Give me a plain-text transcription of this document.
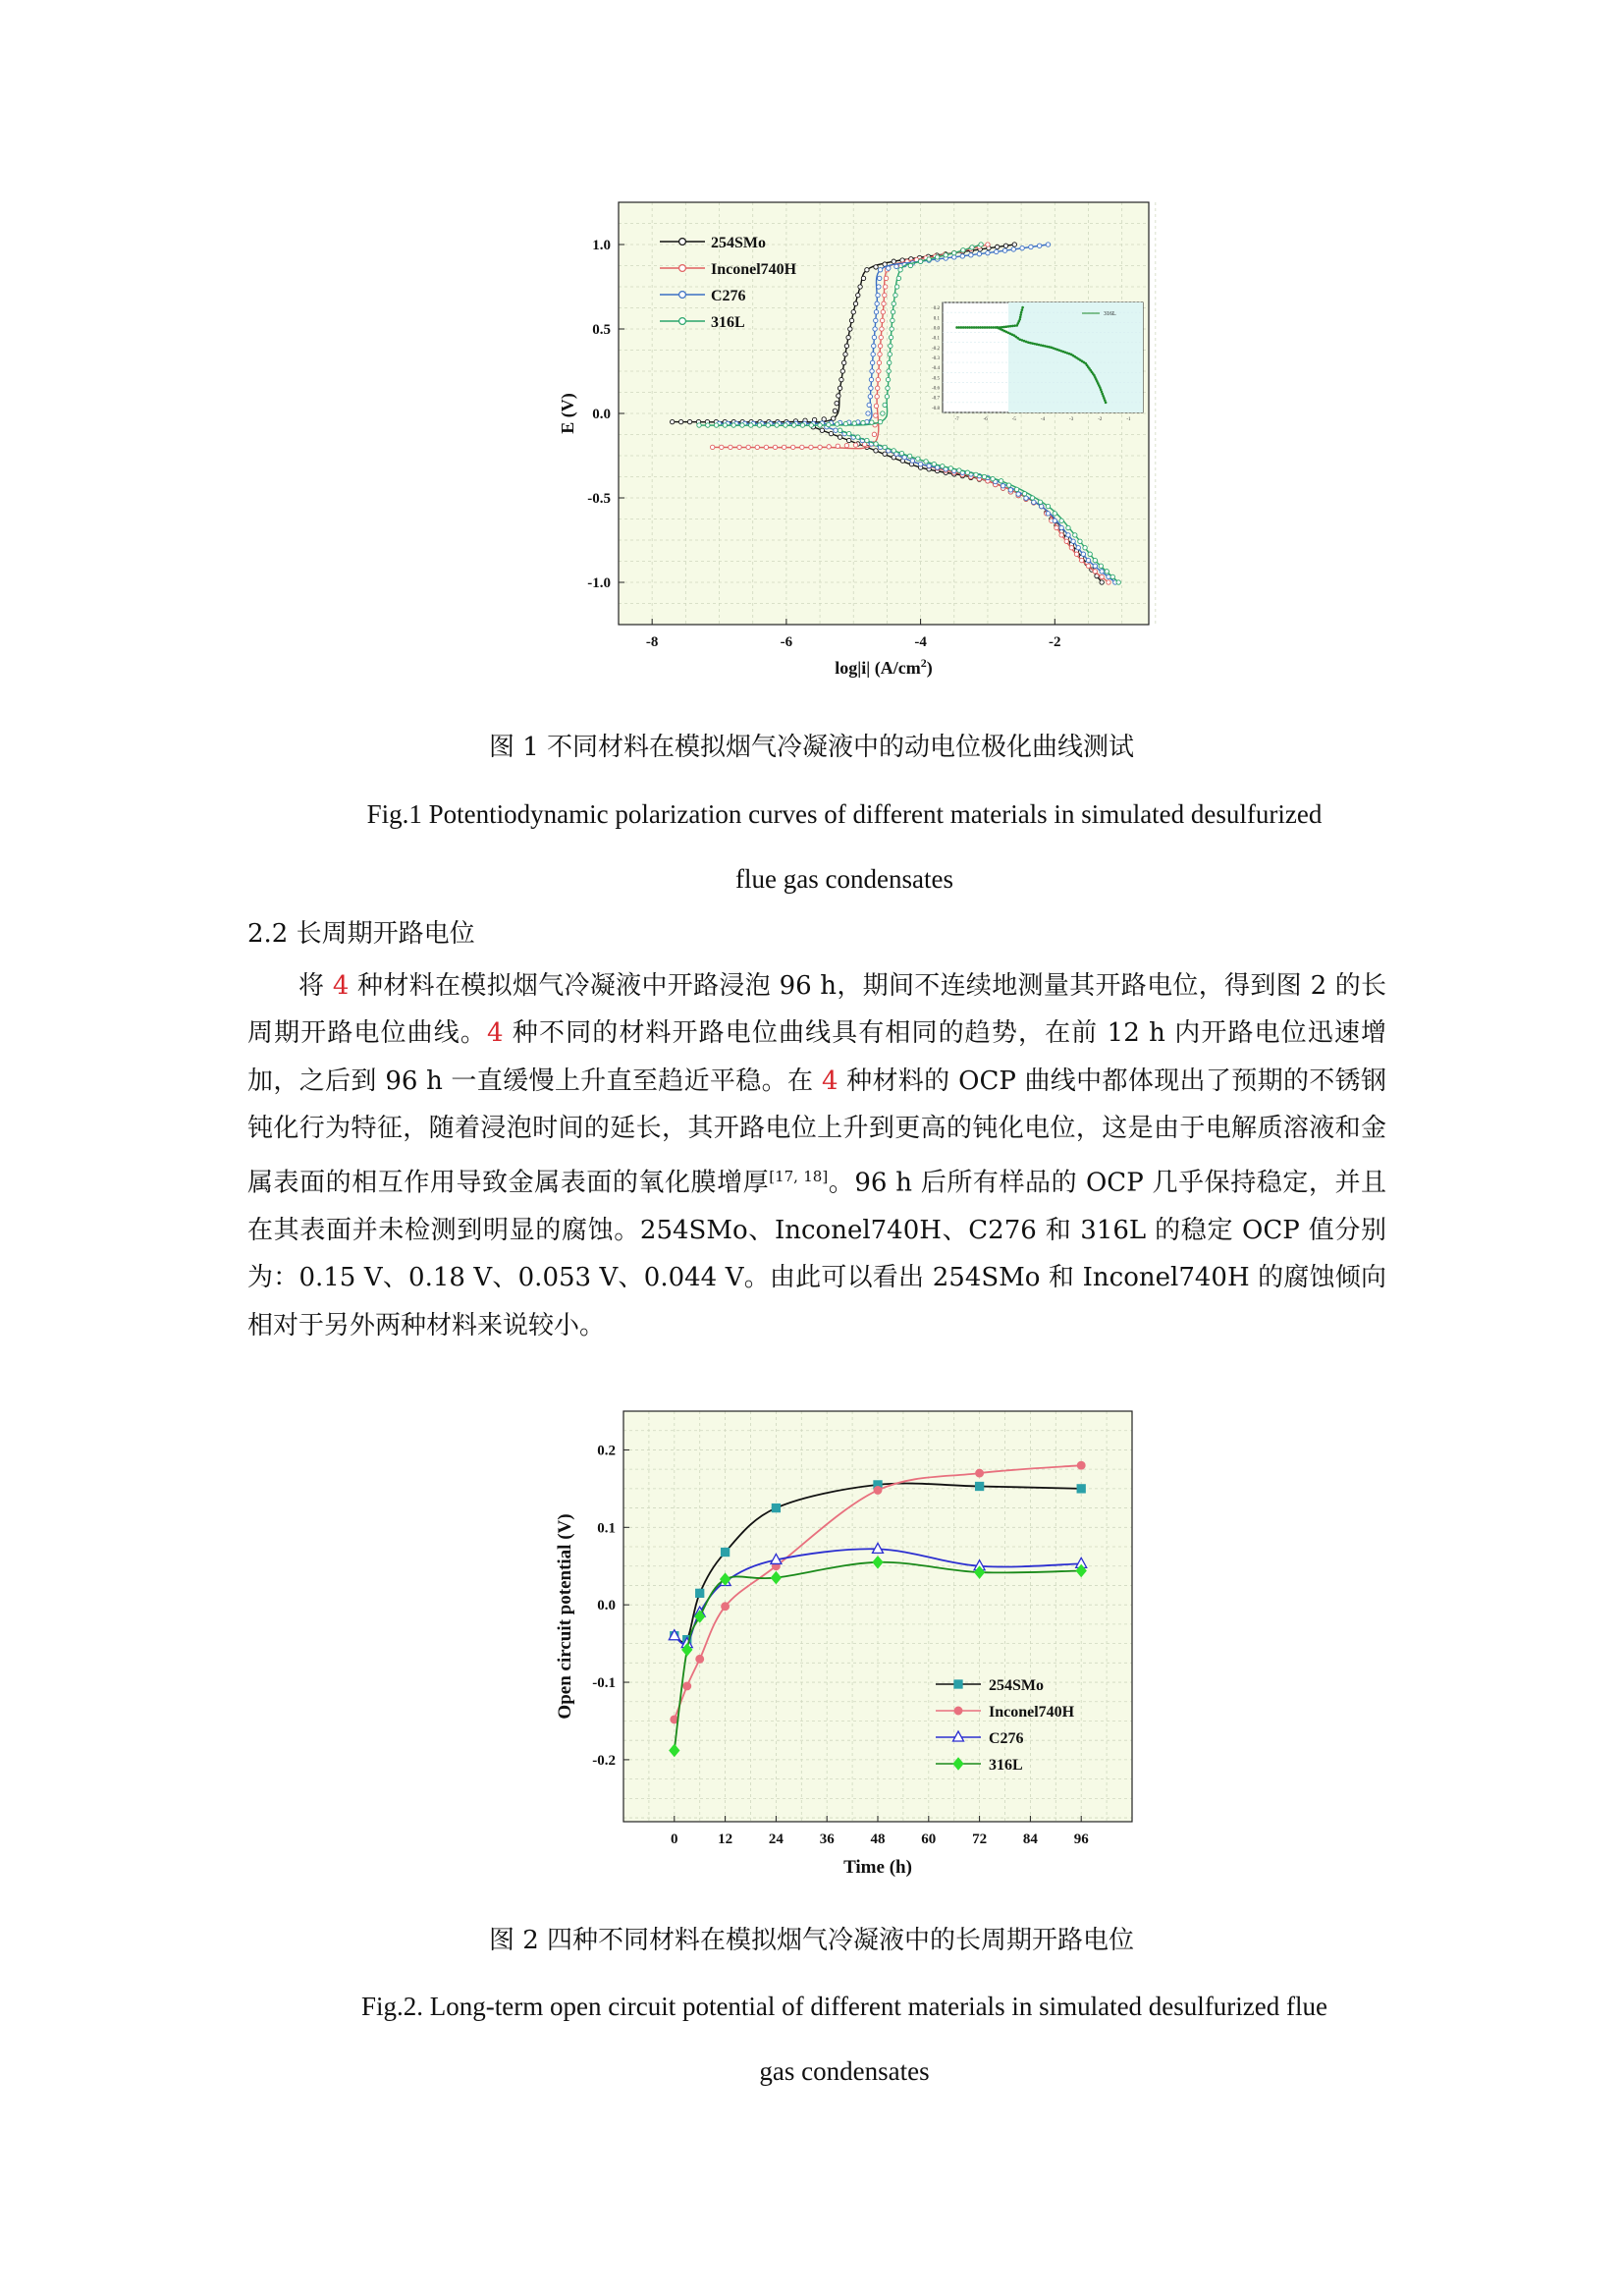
0.2
0.1
0.0
-0.1
-0.2
-0.3
-0.4
-0.5
-0.6
-0.7
-0.8
-7	-6	-5	-4	-3	-2	-1
316L
1.0
0.5
0.0
-0.5
-1.0
-8	-6	-4	-2
E (V)
log|i| $(A/cm^2)$
254SMo
Inconel740H
C276
316L
图 1 不同材料在模拟烟气冷凝液中的动电位极化曲线测试
Fig.1 Potentiodynamic polarization curves of different materials in simulated desulfurized
flue gas condensates
2.2 长周期开路电位

将 4 种材料在模拟烟气冷凝液中开路浸泡 96 h，期间不连续地测量其开路电位，得到图 2 的长周期开路电位曲线。4 种不同的材料开路电位曲线具有相同的趋势，在前 12 h 内开路电位迅速增加，之后到 96 h 一直缓慢上升直至趋近平稳。在 4 种材料的 OCP 曲线中都体现出了预期的不锈钢钝化行为特征，随着浸泡时间的延长，其开路电位上升到更高的钝化电位，这是由于电解质溶液和金属表面的相互作用导致金属表面的氧化膜增厚[17, 18]。96 h 后所有样品的 OCP 几乎保持稳定，并且在其表面并未检测到明显的腐蚀。254SMo、Inconel740H、C276 和 316L 的稳定 OCP 值分别为：0.15 V、0.18 V、0.053 V、0.044 V。由此可以看出 254SMo 和 Inconel740H 的腐蚀倾向相对于另外两种材料来说较小。

0.2
0.1
0.0
-0.1
-0.2
0	12 24 36 48 60 72 84 96
Open circuit potential (V)
Time (h)
254SMo
Inconel740H
C276
316L
图 2 四种不同材料在模拟烟气冷凝液中的长周期开路电位
Fig.2. Long-term open circuit potential of different materials in simulated desulfurized flue
gas condensates
